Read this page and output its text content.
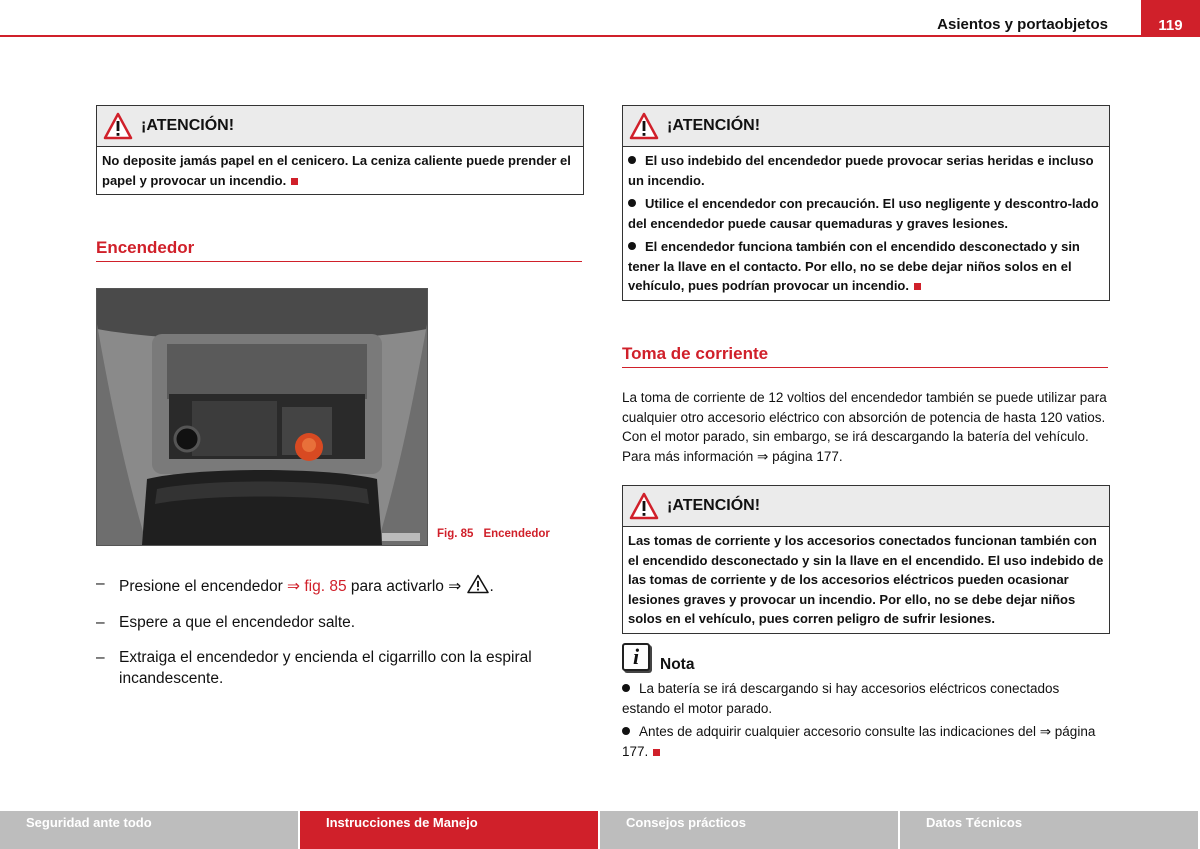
Asientos y portaobjetos	119
¡ATENCIÓN!

No deposite jamás papel en el cenicero. La ceniza caliente puede prender el papel y provocar un incendio.

Encendedor
Fig. 85 Encendedor
– Presione el encendedor ⇒ fig. 85 para activarlo ⇒ .
– Espere a que el encendedor salte.
– Extraiga el encendedor y encienda el cigarrillo con la espiral incandescente.
¡ATENCIÓN!

El uso indebido del encendedor puede provocar serias heridas e incluso un incendio.

Utilice el encendedor con precaución. El uso negligente y descontro-lado del encendedor puede causar quemaduras y graves lesiones.

El encendedor funciona también con el encendido desconectado y sin tener la llave en el contacto. Por ello, no se debe dejar niños solos en el vehículo, pues podrían provocar un incendio.

Toma de corriente
La toma de corriente de 12 voltios del encendedor también se puede utilizar para cualquier otro accesorio eléctrico con absorción de potencia de hasta 120 vatios. Con el motor parado, sin embargo, se irá descargando la batería del vehículo. Para más información ⇒ página 177.
¡ATENCIÓN!

Las tomas de corriente y los accesorios conectados funcionan también con el encendido desconectado y sin la llave en el encendido. El uso indebido de las tomas de corriente y de los accesorios eléctricos pueden ocasionar lesiones graves y provocar un incendio. Por ello, no se debe dejar niños solos en el vehículo, pues corren peligro de sufrir lesiones.

i	Nota

La batería se irá descargando si hay accesorios eléctricos conectados estando el motor parado.

Antes de adquirir cualquier accesorio consulte las indicaciones del ⇒ página 177.

Seguridad ante todo	Instrucciones de Manejo	Consejos prácticos	Datos Técnicos
